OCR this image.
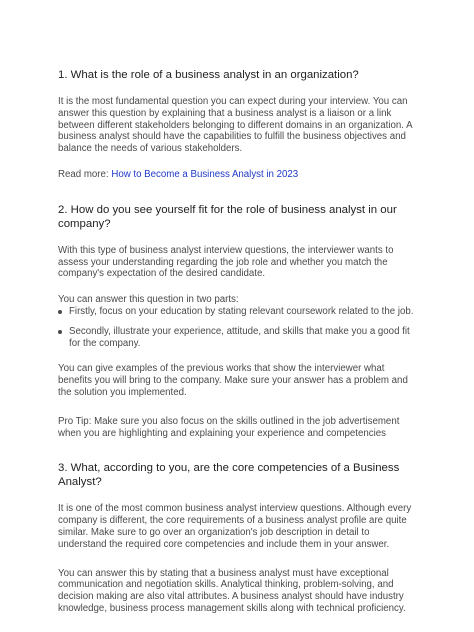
1. What is the role of a business analyst in an organization?

It is the most fundamental question you can expect during your interview. You can answer this question by explaining that a business analyst is a liaison or a link between different stakeholders belonging to different domains in an organization. A business analyst should have the capabilities to fulfill the business objectives and balance the needs of various stakeholders.

Read more: How to Become a Business Analyst in 2023

2. How do you see yourself fit for the role of business analyst in our company?

With this type of business analyst interview questions, the interviewer wants to assess your understanding regarding the job role and whether you match the company's expectation of the desired candidate.

You can answer this question in two parts:

Firstly, focus on your education by stating relevant coursework related to the job.
Secondly, illustrate your experience, attitude, and skills that make you a good fit for the company.

You can give examples of the previous works that show the interviewer what benefits you will bring to the company. Make sure your answer has a problem and the solution you implemented.

Pro Tip: Make sure you also focus on the skills outlined in the job advertisement when you are highlighting and explaining your experience and competencies

3. What, according to you, are the core competencies of a Business Analyst?

It is one of the most common business analyst interview questions. Although every company is different, the core requirements of a business analyst profile are quite similar. Make sure to go over an organization's job description in detail to understand the required core competencies and include them in your answer.

You can answer this by stating that a business analyst must have exceptional communication and negotiation skills. Analytical thinking, problem-solving, and decision making are also vital attributes. A business analyst should have industry knowledge, business process management skills along with technical proficiency.
